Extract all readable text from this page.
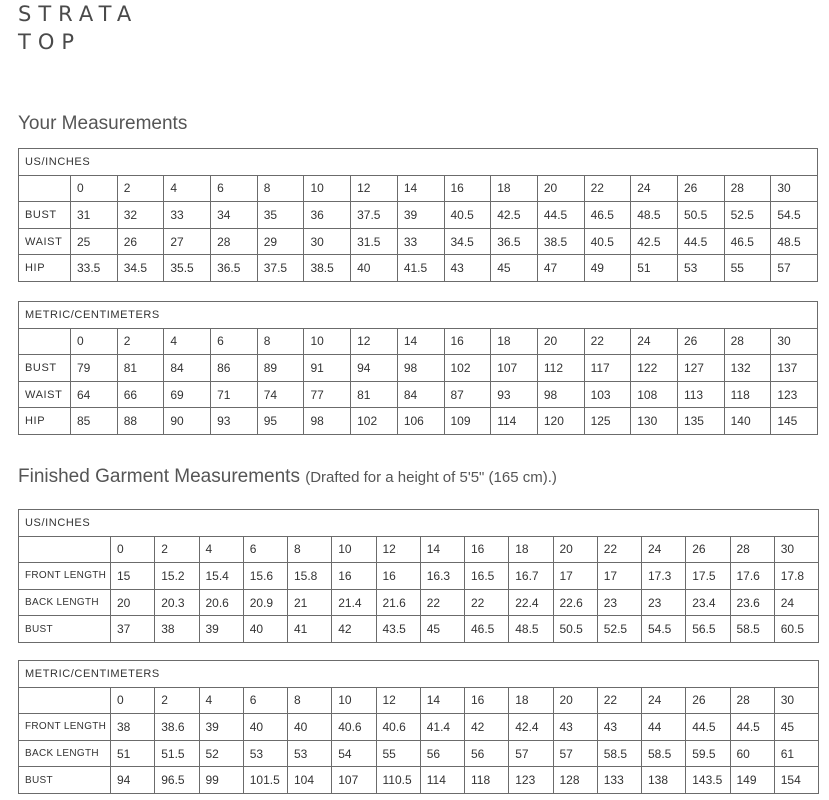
STRATA
TOP
Your Measurements
US/INCHES																
	0	2	4	6	8	10	12	14	16	18	20	22	24	26	28	30
BUST	31	32	33	34	35	36	37.5	39	40.5	42.5	44.5	46.5	48.5	50.5	52.5	54.5
WAIST	25	26	27	28	29	30	31.5	33	34.5	36.5	38.5	40.5	42.5	44.5	46.5	48.5
HIP	33.5	34.5	35.5	36.5	37.5	38.5	40	41.5	43	45	47	49	51	53	55	57
METRIC/CENTIMETERS																
	0	2	4	6	8	10	12	14	16	18	20	22	24	26	28	30
BUST	79	81	84	86	89	91	94	98	102	107	112	117	122	127	132	137
WAIST	64	66	69	71	74	77	81	84	87	93	98	103	108	113	118	123
HIP	85	88	90	93	95	98	102	106	109	114	120	125	130	135	140	145
Finished Garment Measurements (Drafted for a height of 5'5" (165 cm).)
US/INCHES																
	0	2	4	6	8	10	12	14	16	18	20	22	24	26	28	30
FRONT LENGTH	15	15.2	15.4	15.6	15.8	16	16	16.3	16.5	16.7	17	17	17.3	17.5	17.6	17.8
BACK LENGTH	20	20.3	20.6	20.9	21	21.4	21.6	22	22	22.4	22.6	23	23	23.4	23.6	24
BUST	37	38	39	40	41	42	43.5	45	46.5	48.5	50.5	52.5	54.5	56.5	58.5	60.5
METRIC/CENTIMETERS																
	0	2	4	6	8	10	12	14	16	18	20	22	24	26	28	30
FRONT LENGTH	38	38.6	39	40	40	40.6	40.6	41.4	42	42.4	43	43	44	44.5	44.5	45
BACK LENGTH	51	51.5	52	53	53	54	55	56	56	57	57	58.5	58.5	59.5	60	61
BUST	94	96.5	99	101.5	104	107	110.5	114	118	123	128	133	138	143.5	149	154
